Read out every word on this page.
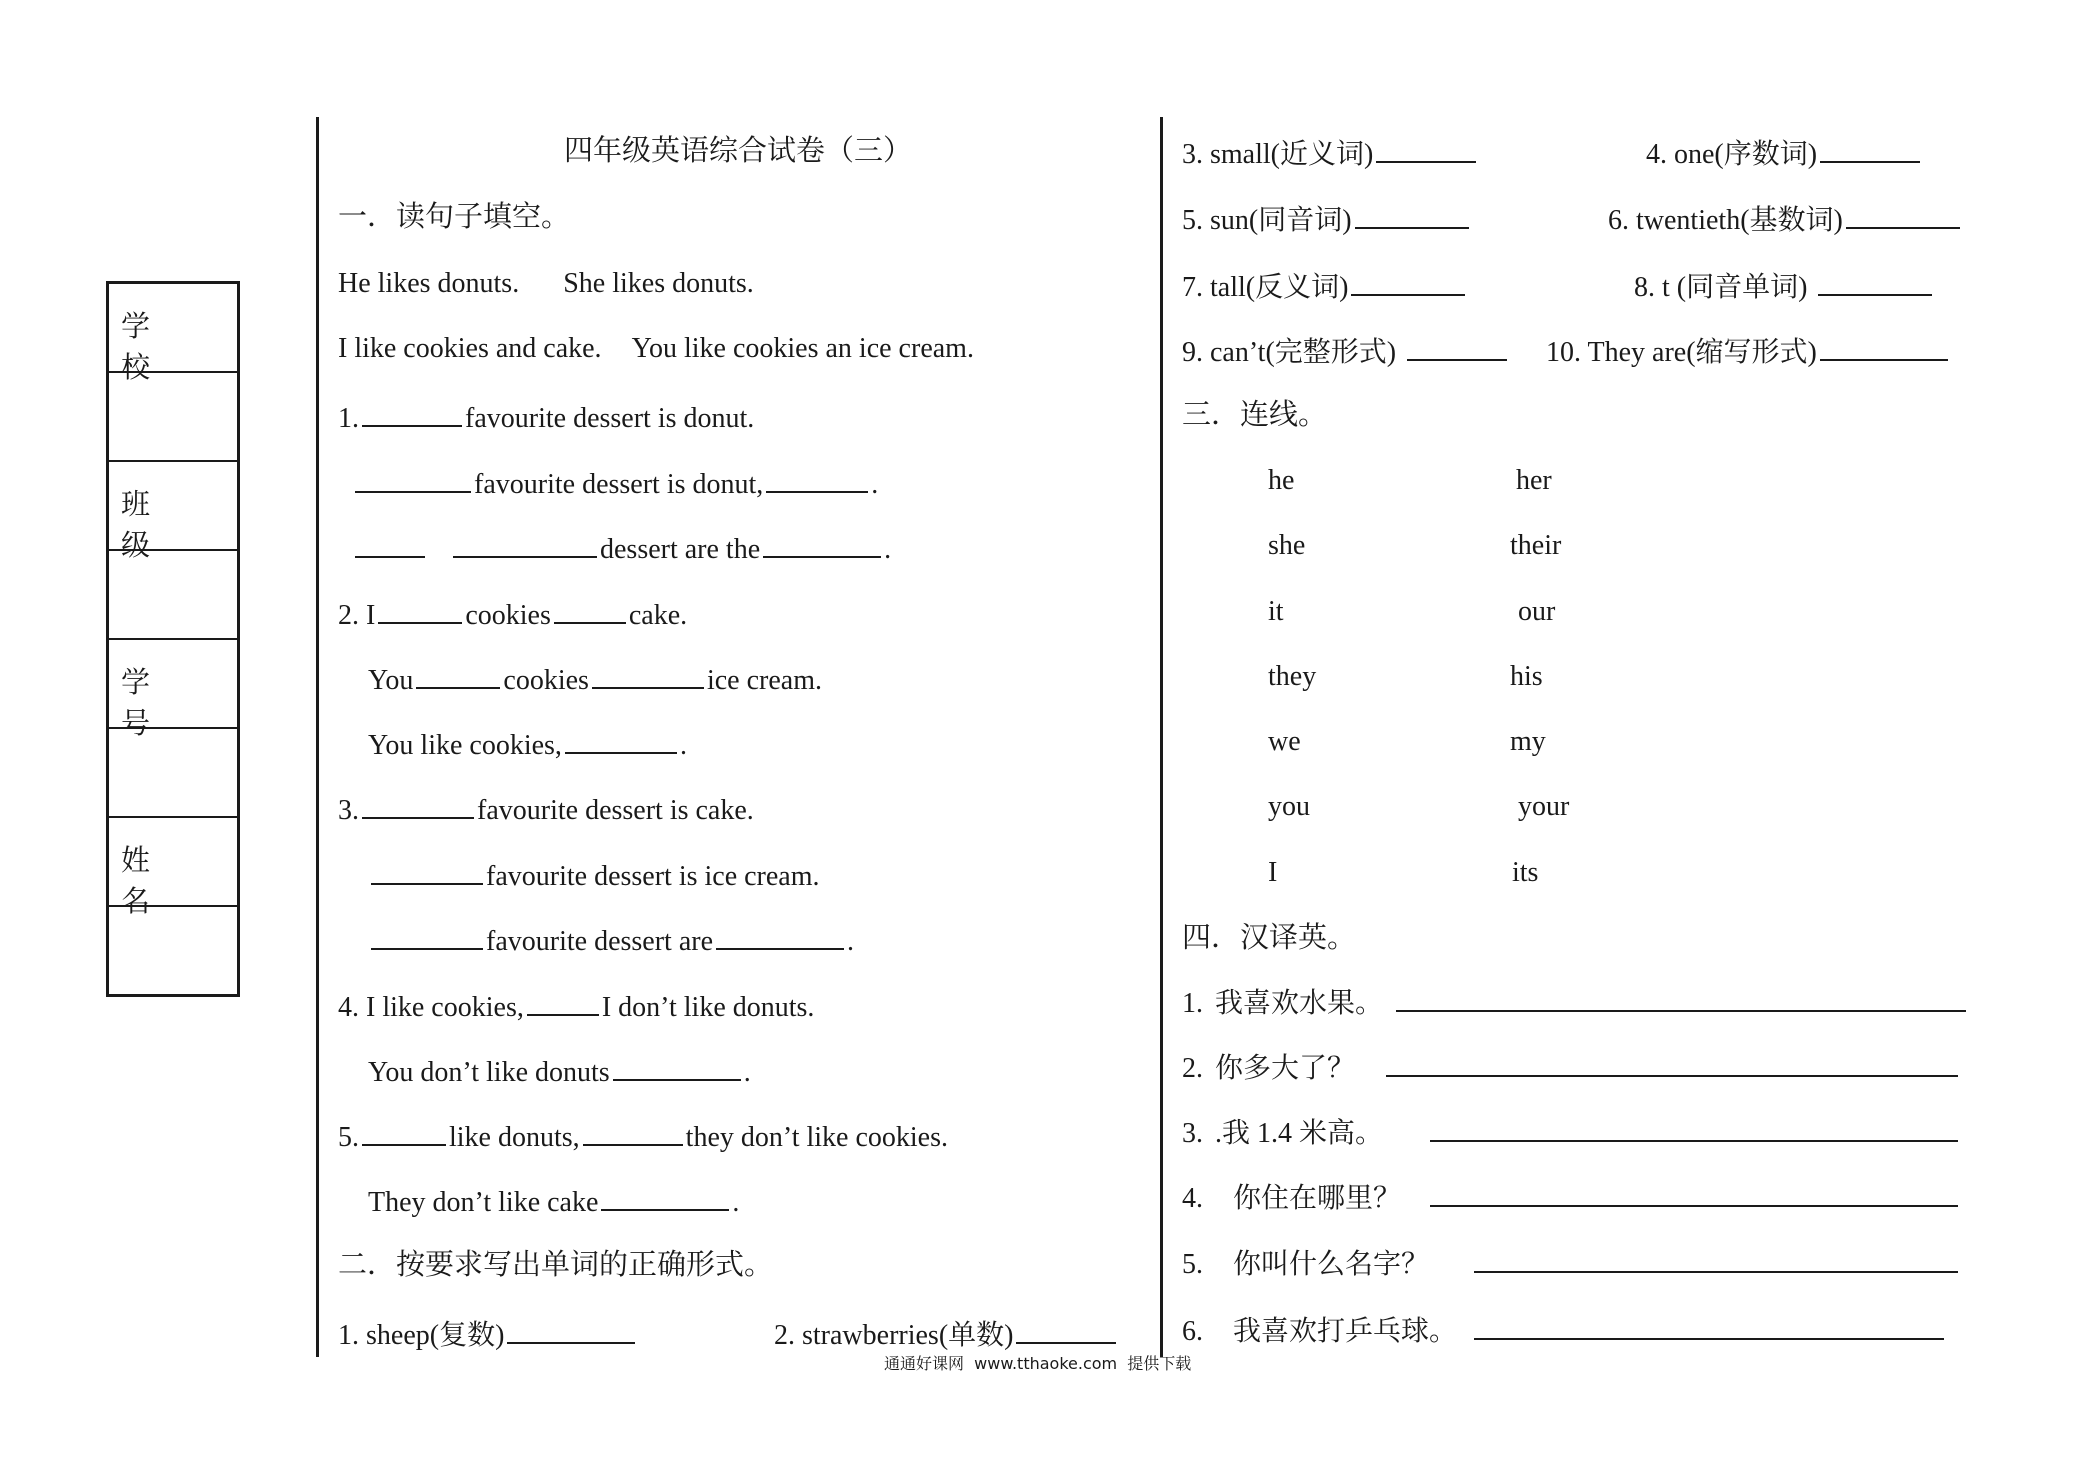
学 校
班 级
学 号
姓 名
四年级英语综合试卷（三）
一．读句子填空。
He likes donuts. She likes donuts.
I like cookies and cake. You like cookies an ice cream.
1.	favourite dessert is donut.
favourite dessert is donut,	.
dessert are the	.
2. I	cookies	cake.
You	cookies	ice cream.
You like cookies,	.
3.	favourite dessert is cake.
favourite dessert is ice cream.
favourite dessert are	.
4. I like cookies,	I don’t like donuts.
You don’t like donuts	.
5.	like donuts,	they don’t like cookies.
They don’t like cake	.
二．按要求写出单词的正确形式。
1. sheep(复数)	2. strawberries(单数)
3. small(近义词)	4. one(序数词)
5. sun(同音词)	6. twentieth(基数词)
7. tall(反义词)	8. t (同音单词)
9. can’t(完整形式)	10. They are(缩写形式)
三．连线。
he	her
she	their
it	our
they	his
we	my
you	your
I	its
四．汉译英。
1. 我喜欢水果。
2. 你多大了？
3. .我 1.4 米高。
4. 你住在哪里？
5. 你叫什么名字？
6. 我喜欢打乒乓球。
通通好课网  www.tthaoke.com  提供下载
